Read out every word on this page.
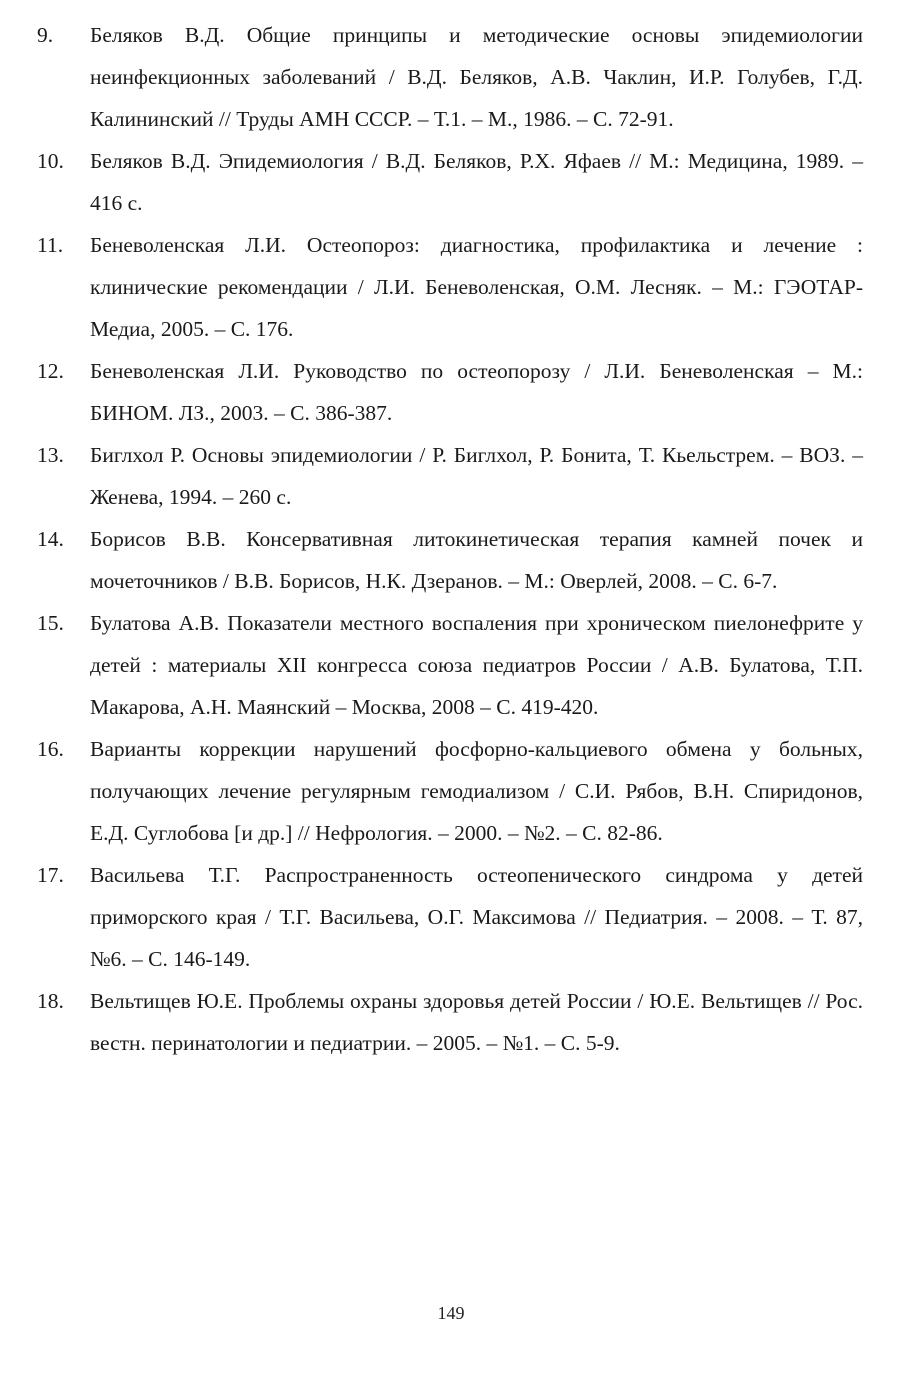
9.	Беляков В.Д. Общие принципы и методические основы эпидемиологии неинфекционных заболеваний / В.Д. Беляков, А.В. Чаклин, И.Р. Голубев, Г.Д. Калининский // Труды АМН СССР. – Т.1. – М., 1986. – С. 72-91.
10.	Беляков В.Д. Эпидемиология / В.Д. Беляков, Р.Х. Яфаев // М.: Медицина, 1989. – 416 с.
11.	Беневоленская Л.И. Остеопороз: диагностика, профилактика и лечение : клинические рекомендации / Л.И. Беневоленская, О.М. Лесняк. – М.: ГЭОТАР-Медиа, 2005. – С. 176.
12.	Беневоленская Л.И. Руководство по остеопорозу / Л.И. Беневоленская – М.: БИНОМ. ЛЗ., 2003. – С. 386-387.
13.	Биглхол Р. Основы эпидемиологии / Р. Биглхол, Р. Бонита, Т. Кьельстрем. – ВОЗ. – Женева, 1994. – 260 с.
14.	Борисов В.В. Консервативная литокинетическая терапия камней почек и мочеточников / В.В. Борисов, Н.К. Дзеранов. – М.: Оверлей, 2008. – С. 6-7.
15.	Булатова А.В. Показатели местного воспаления при хроническом пиелонефрите у детей : материалы XII конгресса союза педиатров России / А.В. Булатова, Т.П. Макарова, А.Н. Маянский – Москва, 2008 – С. 419-420.
16.	Варианты коррекции нарушений фосфорно-кальциевого обмена у больных, получающих лечение регулярным гемодиализом / С.И. Рябов, В.Н. Спиридонов, Е.Д. Суглобова [и др.] // Нефрология. – 2000. – №2. – С. 82-86.
17.	Васильева Т.Г. Распространенность остеопенического синдрома у детей приморского края / Т.Г. Васильева, О.Г. Максимова // Педиатрия. – 2008. – Т. 87, №6. – С. 146-149.
18.	Вельтищев Ю.Е. Проблемы охраны здоровья детей России / Ю.Е. Вельтищев // Рос. вестн. перинатологии и педиатрии. – 2005. – №1. – С. 5-9.
149
